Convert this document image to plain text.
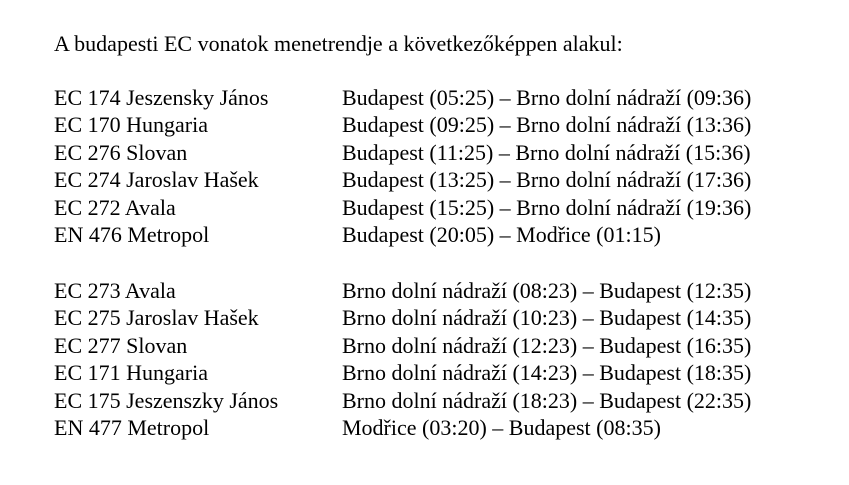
A budapesti EC vonatok menetrendje a következőképpen alakul:
EC 174 Jeszensky János	Budapest (05:25) – Brno dolní nádraží (09:36)
EC 170 Hungaria	Budapest (09:25) – Brno dolní nádraží (13:36)
EC 276 Slovan	Budapest (11:25) – Brno dolní nádraží (15:36)
EC 274 Jaroslav Hašek	Budapest (13:25) – Brno dolní nádraží (17:36)
EC 272 Avala	Budapest (15:25) – Brno dolní nádraží (19:36)
EN 476 Metropol	Budapest (20:05) – Modřice (01:15)
EC 273 Avala	Brno dolní nádraží (08:23) – Budapest (12:35)
EC 275 Jaroslav Hašek	Brno dolní nádraží (10:23) – Budapest (14:35)
EC 277 Slovan	Brno dolní nádraží (12:23) – Budapest (16:35)
EC 171 Hungaria	Brno dolní nádraží (14:23) – Budapest (18:35)
EC 175 Jeszenszky János	Brno dolní nádraží (18:23) – Budapest (22:35)
EN 477 Metropol	Modřice (03:20) – Budapest (08:35)
